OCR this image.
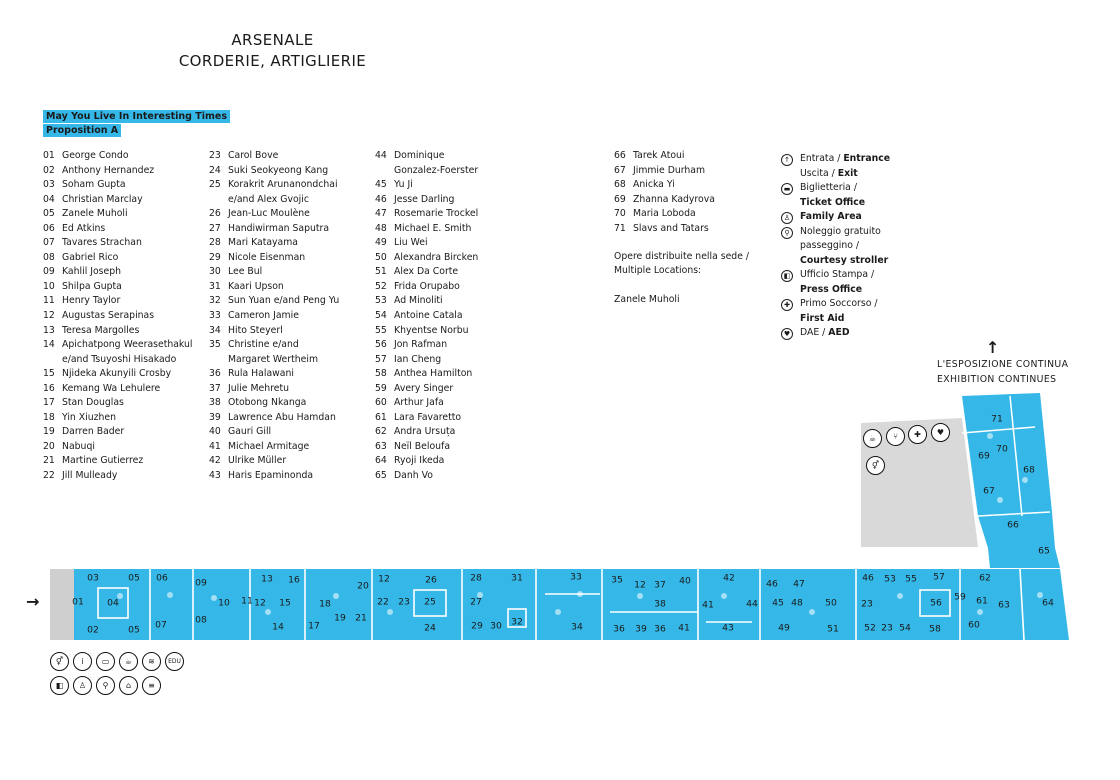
ARSENALE
CORDERIE, ARTIGLIERIE
May You Live In Interesting Times
Proposition A
01 George Condo
02 Anthony Hernandez
03 Soham Gupta
04 Christian Marclay
05 Zanele Muholi
06 Ed Atkins
07 Tavares Strachan
08 Gabriel Rico
09 Kahlil Joseph
10 Shilpa Gupta
11 Henry Taylor
12 Augustas Serapinas
13 Teresa Margolles
14 Apichatpong Weerasethakul
e/and Tsuyoshi Hisakado
15 Njideka Akunyili Crosby
16 Kemang Wa Lehulere
17 Stan Douglas
18 Yin Xiuzhen
19 Darren Bader
20 Nabuqi
21 Martine Gutierrez
22 Jill Mulleady
23 Carol Bove
24 Suki Seokyeong Kang
25 Korakrit Arunanondchai
e/and Alex Gvojic
26 Jean-Luc Moulène
27 Handiwirman Saputra
28 Mari Katayama
29 Nicole Eisenman
30 Lee Bul
31 Kaari Upson
32 Sun Yuan e/and Peng Yu
33 Cameron Jamie
34 Hito Steyerl
35 Christine e/and
Margaret Wertheim
36 Rula Halawani
37 Julie Mehretu
38 Otobong Nkanga
39 Lawrence Abu Hamdan
40 Gauri Gill
41 Michael Armitage
42 Ulrike Müller
43 Haris Epaminonda
44 Dominique
Gonzalez-Foerster
45 Yu Ji
46 Jesse Darling
47 Rosemarie Trockel
48 Michael E. Smith
49 Liu Wei
50 Alexandra Bircken
51 Alex Da Corte
52 Frida Orupabo
53 Ad Minoliti
54 Antoine Catala
55 Khyentse Norbu
56 Jon Rafman
57 Ian Cheng
58 Anthea Hamilton
59 Avery Singer
60 Arthur Jafa
61 Lara Favaretto
62 Andra Ursuța
63 Neïl Beloufa
64 Ryoji Ikeda
65 Danh Vo
66 Tarek Atoui
67 Jimmie Durham
68 Anicka Yi
69 Zhanna Kadyrova
70 Maria Loboda
71 Slavs and Tatars
Opere distribuite nella sede /
Multiple Locations:
Zanele Muholi
↑	Entrata / Entrance
Uscita / Exit
▬ Biglietteria /
Ticket Office
♙	Family Area
⚲	Noleggio gratuito passeggino /
Courtesy stroller
◧ Ufficio Stampa /
Press Office
✚	Primo Soccorso /
First Aid
♥	DAE / AED
↑
L'ESPOSIZIONE CONTINUA
EXHIBITION CONTINUES
→
03	05 06	09	13 16
20
12	26	28	31	33	35 12 37 40	42
46 47
46 53 55 57	62
65
01	04	10 11 12 15	18	22 23 25	27	38	41	44 45 48 50	23	56
59 61 63	64
08	19 21
17
14
07
02	05	24	29 30 32	34	36 39 36 41	43	49	51	52 23 54 58	60
66
67
69
70
68
71
☕	⑂	✚	♥
⚥
⚥	i	▭	☕	≋	EDU
◧	♙	⚲	⌂	≡
